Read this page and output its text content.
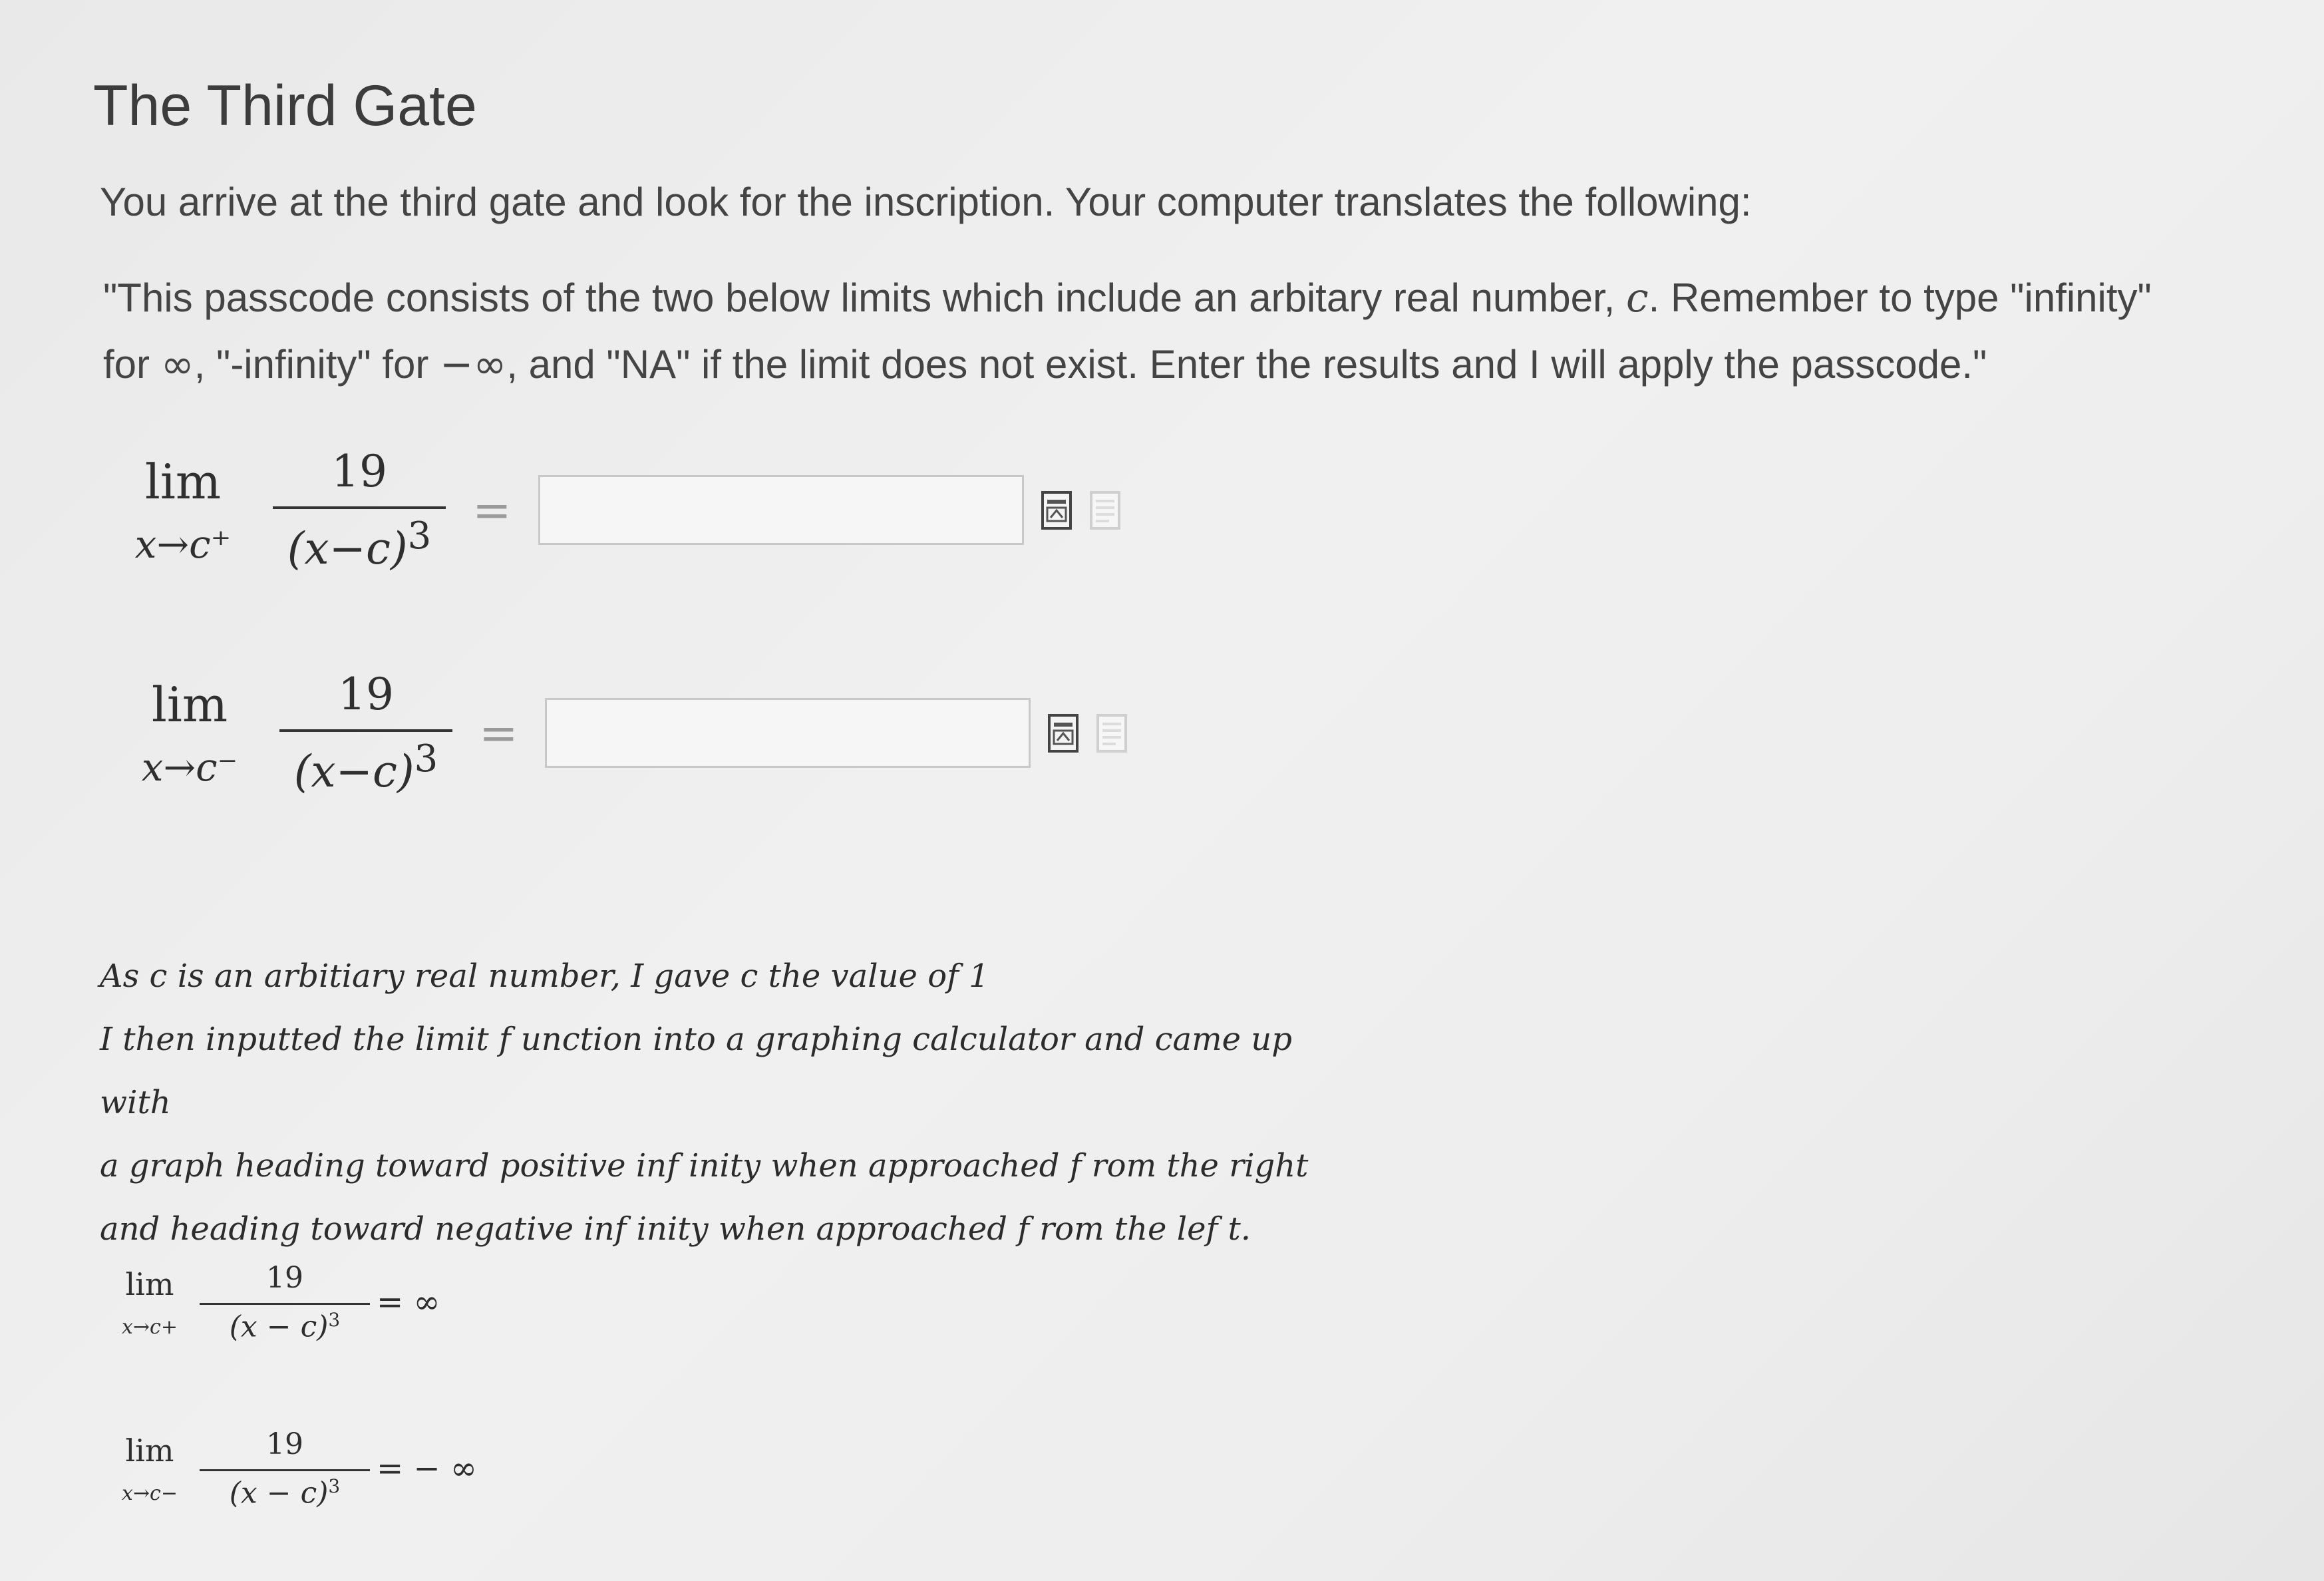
The Third Gate
You arrive at the third gate and look for the inscription. Your computer translates the following:
"This passcode consists of the two below limits which include an arbitary real number, c. Remember to type "infinity" for ∞, "-infinity" for −∞, and "NA" if the limit does not exist. Enter the results and I will apply the passcode."
lim
$x\to c^+ \frac{19}{(x-c)^3}$ =
lim
$x\to c^- \frac{19}{(x-c)^3}$ =

As c is an arbitiary real number, I gave c the value of 1

I then inputted the limit f unction into a graphing calculator and came up with

a graph heading toward positive inf inity when approached f rom the right

and heading toward negative inf inity when approached f rom the lef t.

lim
$x\to c+ \frac{19}{(x - c)^3}$ = ∞
lim
$x\to c- \frac{19}{(x - c)^3}$ = − ∞
